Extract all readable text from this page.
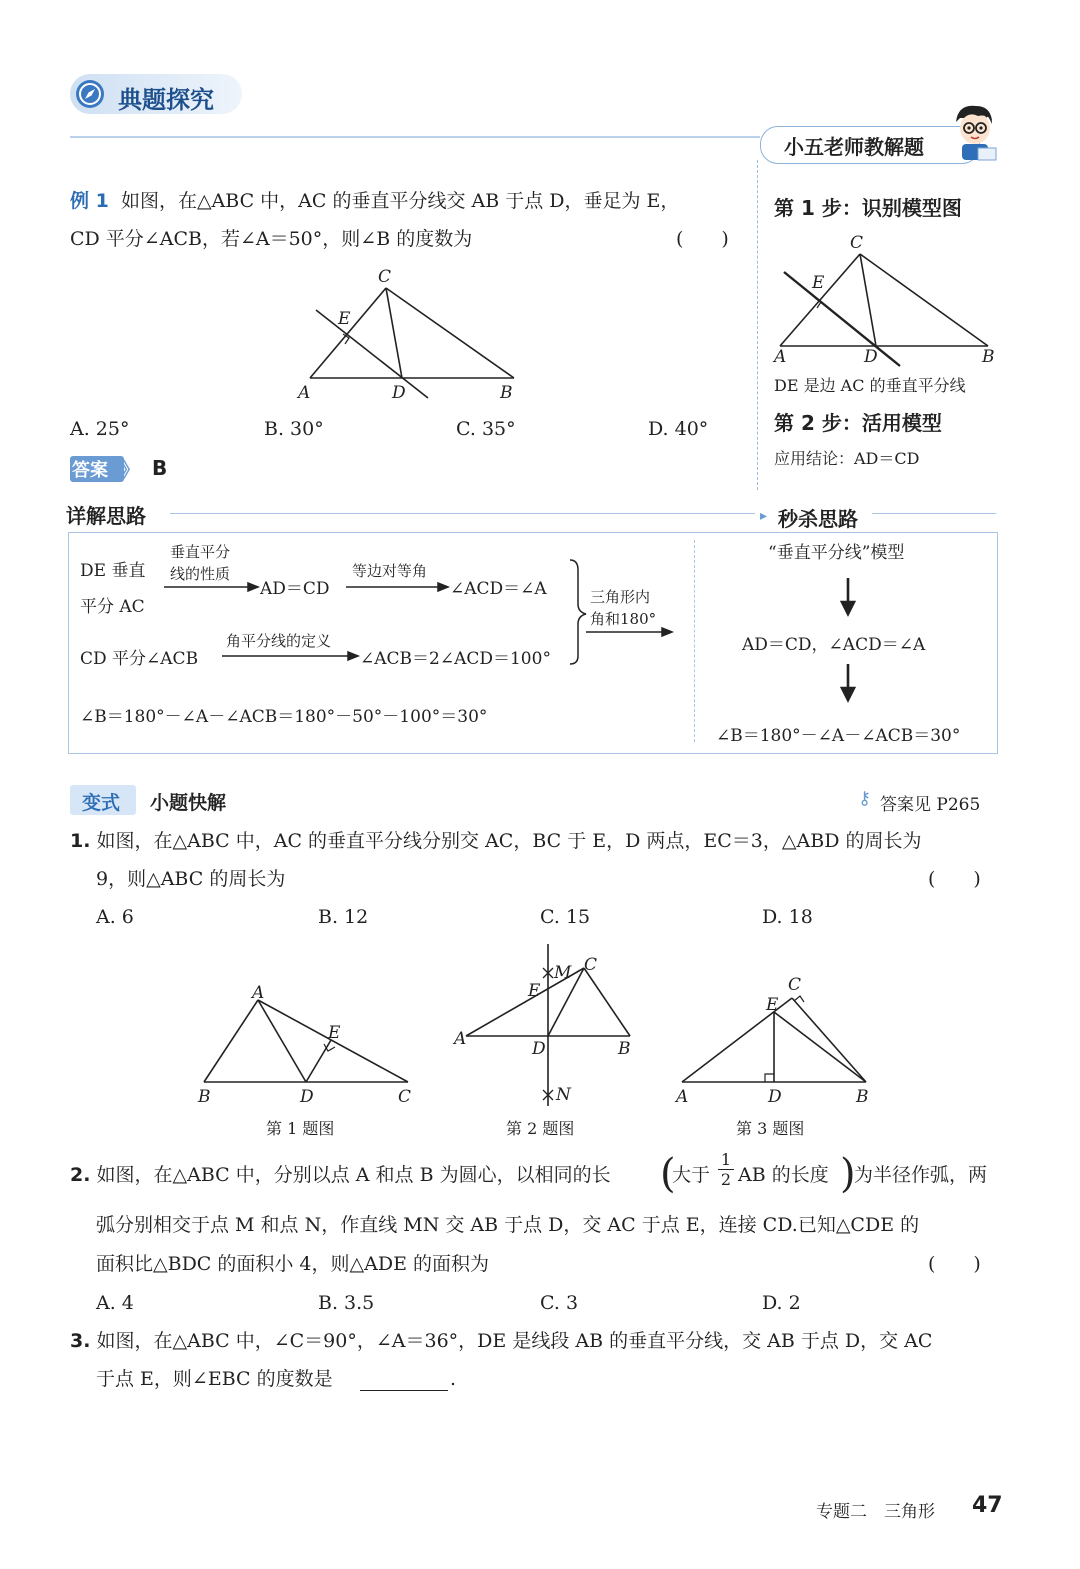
典题探究
小五老师教解题
例 1 如图，在△ABC 中，AC 的垂直平分线交 AB 于点 D，垂足为 E，
CD 平分∠ACB，若∠A＝50°，则∠B 的度数为	(　　)
A	D	B
C
E
A. 25°	B. 30°	C. 35°	D. 40°
第 1 步：识别模型图
A	D	B
C
E
DE 是边 AC 的垂直平分线
第 2 步：活用模型
应用结论：AD＝CD
答案 》 B
详解思路	▸ 秒杀思路
DE 垂直
平分 AC
垂直平分
线的性质
AD＝CD
等边对等角
∠ACD＝∠A
CD 平分∠ACB
角平分线的定义
∠ACB＝2∠ACD＝100°
三角形内
角和180°
∠B＝180°－∠A－∠ACB＝180°－50°－100°＝30°
“垂直平分线”模型
AD＝CD，∠ACD＝∠A
∠B＝180°－∠A－∠ACB＝30°
变式 小题快解	⚷ 答案见 P265
1. 如图，在△ABC 中，AC 的垂直平分线分别交 AC，BC 于 E，D 两点，EC＝3，△ABD 的周长为
9，则△ABC 的周长为	(　　)
A. 6	B. 12	C. 15	D. 18
A
B	D	C
E
第 1 题图
M C
E
A	D	B
N
第 2 题图
C
E
A	D	B
第 3 题图
2. 如图，在△ABC 中，分别以点 A 和点 B 为圆心，以相同的长 (
大于 $\frac{1}{2}$ AB 的长度 )
为半径作弧，两
弧分别相交于点 M 和点 N，作直线 MN 交 AB 于点 D，交 AC 于点 E，连接 CD.已知△CDE 的
面积比△BDC 的面积小 4，则△ADE 的面积为	(　　)
A. 4	B. 3.5	C. 3	D. 2
3. 如图，在△ABC 中，∠C＝90°，∠A＝36°，DE 是线段 AB 的垂直平分线，交 AB 于点 D，交 AC
于点 E，则∠EBC 的度数是	.
专题二　三角形 47
